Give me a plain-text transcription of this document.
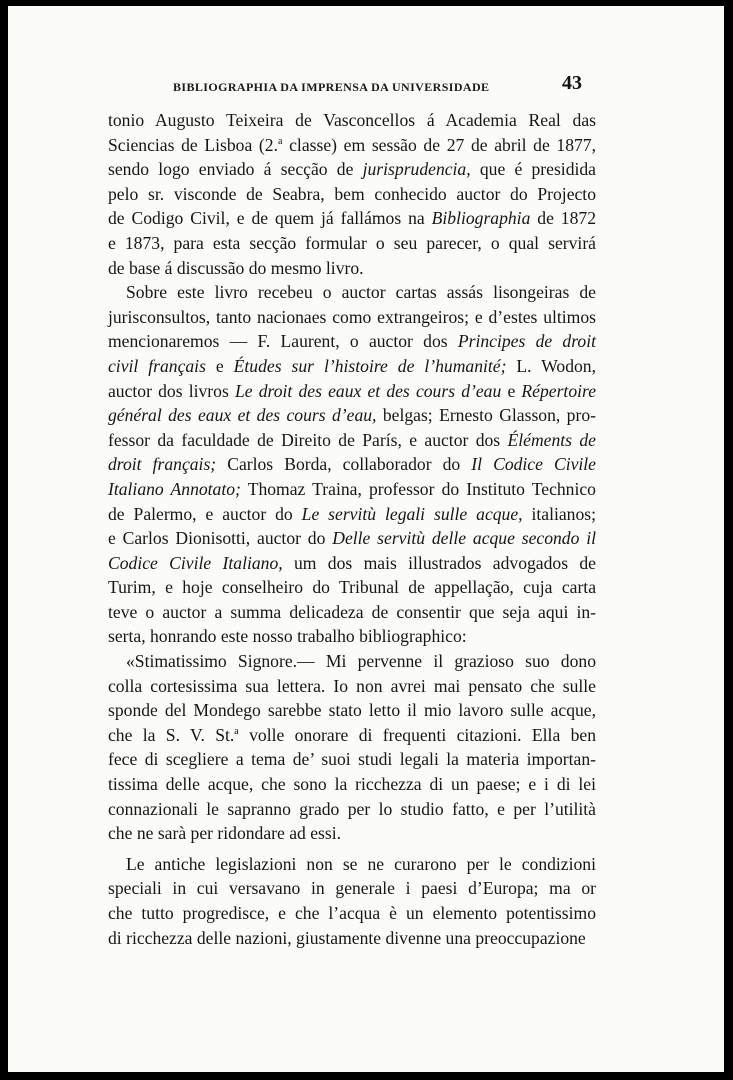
BIBLIOGRAPHIA DA IMPRENSA DA UNIVERSIDADE	43
tonio Augusto Teixeira de Vasconcellos á Academia Real das
Sciencias de Lisboa (2.$^a$ classe) em sessão de 27 de abril de 1877,
sendo logo enviado á secção de jurisprudencia, que é presidida
pelo sr. visconde de Seabra, bem conhecido auctor do Projecto
de Codigo Civil, e de quem já fallámos na Bibliographia de 1872
e 1873, para esta secção formular o seu parecer, o qual servirá
de base á discussão do mesmo livro.
Sobre este livro recebeu o auctor cartas assás lisongeiras de
jurisconsultos, tanto nacionaes como extrangeiros; e d’estes ultimos
mencionaremos — F. Laurent, o auctor dos Principes de droit
civil français e Études sur l’histoire de l’humanité; L. Wodon,
auctor dos livros Le droit des eaux et des cours d’eau e Répertoire
général des eaux et des cours d’eau, belgas; Ernesto Glasson, pro-
fessor da faculdade de Direito de París, e auctor dos Éléments de
droit français; Carlos Borda, collaborador do Il Codice Civile
Italiano Annotato; Thomaz Traina, professor do Instituto Technico
de Palermo, e auctor do Le servitù legali sulle acque, italianos;
e Carlos Dionisotti, auctor do Delle servitù delle acque secondo il
Codice Civile Italiano, um dos mais illustrados advogados de
Turim, e hoje conselheiro do Tribunal de appellação, cuja carta
teve o auctor a summa delicadeza de consentir que seja aqui in-
serta, honrando este nosso trabalho bibliographico:
«Stimatissimo Signore.— Mi pervenne il grazioso suo dono
colla cortesissima sua lettera. Io non avrei mai pensato che sulle
sponde del Mondego sarebbe stato letto il mio lavoro sulle acque,
che la S. V. St.$^a$ volle onorare di frequenti citazioni. Ella ben
fece di scegliere a tema de’ suoi studi legali la materia importan-
tissima delle acque, che sono la ricchezza di un paese; e i di lei
connazionali le sapranno grado per lo studio fatto, e per l’utilità
che ne sarà per ridondare ad essi.
Le antiche legislazioni non se ne curarono per le condizioni
speciali in cui versavano in generale i paesi d’Europa; ma or
che tutto progredisce, e che l’acqua è un elemento potentissimo
di ricchezza delle nazioni, giustamente divenne una preoccupazione
